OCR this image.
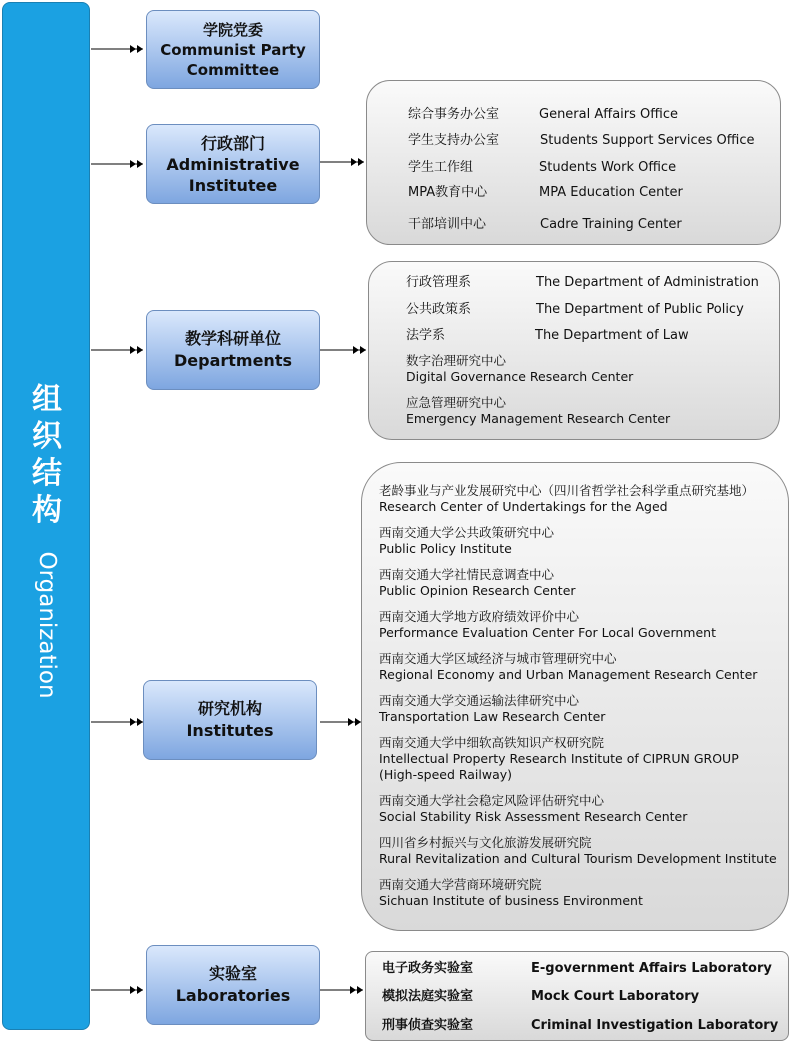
组织结构
Organization
学院党委
Communist Party
Committee
行政部门
Administrative
Institutee
教学科研单位
Departments
研究机构
Institutes
实验室
Laboratories
综合事务办公室	General Affairs Office
学生支持办公室	Students Support Services Office
学生工作组	Students Work Office
MPA教育中心	MPA Education Center
干部培训中心	Cadre Training Center
行政管理系	The Department of Administration
公共政策系	The Department of Public Policy
法学系	The Department of Law
数字治理研究中心
Digital Governance Research Center
应急管理研究中心
Emergency Management Research Center
老龄事业与产业发展研究中心（四川省哲学社会科学重点研究基地）
Research Center of Undertakings for the Aged
西南交通大学公共政策研究中心
Public Policy Institute
西南交通大学社情民意调查中心
Public Opinion Research Center
西南交通大学地方政府绩效评价中心
Performance Evaluation Center For Local Government
西南交通大学区域经济与城市管理研究中心
Regional Economy and Urban Management Research Center
西南交通大学交通运输法律研究中心
Transportation Law Research Center
西南交通大学中细软高铁知识产权研究院
Intellectual Property Research Institute of CIPRUN GROUP
(High-speed Railway)
西南交通大学社会稳定风险评估研究中心
Social Stability Risk Assessment Research Center
四川省乡村振兴与文化旅游发展研究院
Rural Revitalization and Cultural Tourism Development Institute
西南交通大学营商环境研究院
Sichuan Institute of business Environment
电子政务实验室	E-government Affairs Laboratory
模拟法庭实验室	Mock Court Laboratory
刑事侦查实验室	Criminal Investigation Laboratory
